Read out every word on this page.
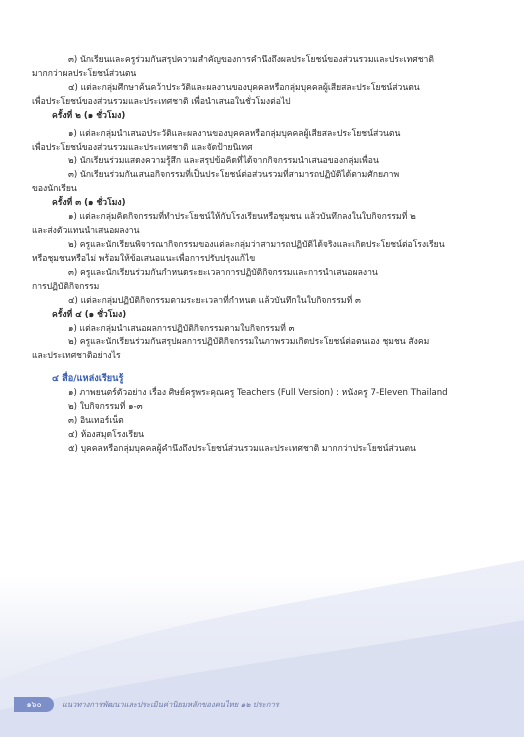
๓) นักเรียนและครูร่วมกันสรุปความสำคัญของการคำนึงถึงผลประโยชน์ของส่วนรวมและประเทศชาติ

มากกว่าผลประโยชน์ส่วนตน

๔) แต่ละกลุ่มศึกษาค้นคว้าประวัติและผลงานของบุคคลหรือกลุ่มบุคคลผู้เสียสละประโยชน์ส่วนตน

เพื่อประโยชน์ของส่วนรวมและประเทศชาติ เพื่อนำเสนอในชั่วโมงต่อไป

ครั้งที่ ๒ (๑ ชั่วโมง)

๑) แต่ละกลุ่มนำเสนอประวัติและผลงานของบุคคลหรือกลุ่มบุคคลผู้เสียสละประโยชน์ส่วนตน

เพื่อประโยชน์ของส่วนรวมและประเทศชาติ และจัดป้ายนิเทศ

๒) นักเรียนร่วมแสดงความรู้สึก และสรุปข้อคิดที่ได้จากกิจกรรมนำเสนอของกลุ่มเพื่อน

๓) นักเรียนร่วมกันเสนอกิจกรรมที่เป็นประโยชน์ต่อส่วนรวมที่สามารถปฏิบัติได้ตามศักยภาพ

ของนักเรียน

ครั้งที่ ๓ (๑ ชั่วโมง)

๑) แต่ละกลุ่มคิดกิจกรรมที่ทำประโยชน์ให้กับโรงเรียนหรือชุมชน แล้วบันทึกลงในใบกิจกรรมที่ ๒

และส่งตัวแทนนำเสนอผลงาน

๒) ครูและนักเรียนพิจารณากิจกรรมของแต่ละกลุ่มว่าสามารถปฏิบัติได้จริงและเกิดประโยชน์ต่อโรงเรียน

หรือชุมชนหรือไม่ พร้อมให้ข้อเสนอแนะเพื่อการปรับปรุงแก้ไข

๓) ครูและนักเรียนร่วมกันกำหนดระยะเวลาการปฏิบัติกิจกรรมและการนำเสนอผลงาน

การปฏิบัติกิจกรรม

๔) แต่ละกลุ่มปฏิบัติกิจกรรมตามระยะเวลาที่กำหนด แล้วบันทึกในใบกิจกรรมที่ ๓

ครั้งที่ ๔ (๑ ชั่วโมง)

๑) แต่ละกลุ่มนำเสนอผลการปฏิบัติกิจกรรมตามใบกิจกรรมที่ ๓

๒) ครูและนักเรียนร่วมกันสรุปผลการปฏิบัติกิจกรรมในภาพรวมเกิดประโยชน์ต่อตนเอง ชุมชน สังคม

และประเทศชาติอย่างไร

๔ สื่อ/แหล่งเรียนรู้

๑) ภาพยนตร์ตัวอย่าง เรื่อง ศิษย์ครูพระคุณครู Teachers (Full Version) : หนังครู 7-Eleven Thailand

๒) ใบกิจกรรมที่ ๑-๓

๓) อินเทอร์เน็ต

๔) ห้องสมุดโรงเรียน

๕) บุคคลหรือกลุ่มบุคคลผู้คำนึงถึงประโยชน์ส่วนรวมและประเทศชาติ มากกว่าประโยชน์ส่วนตน

๑๖๐	แนวทางการพัฒนาและประเมินค่านิยมหลักของคนไทย ๑๒ ประการ
